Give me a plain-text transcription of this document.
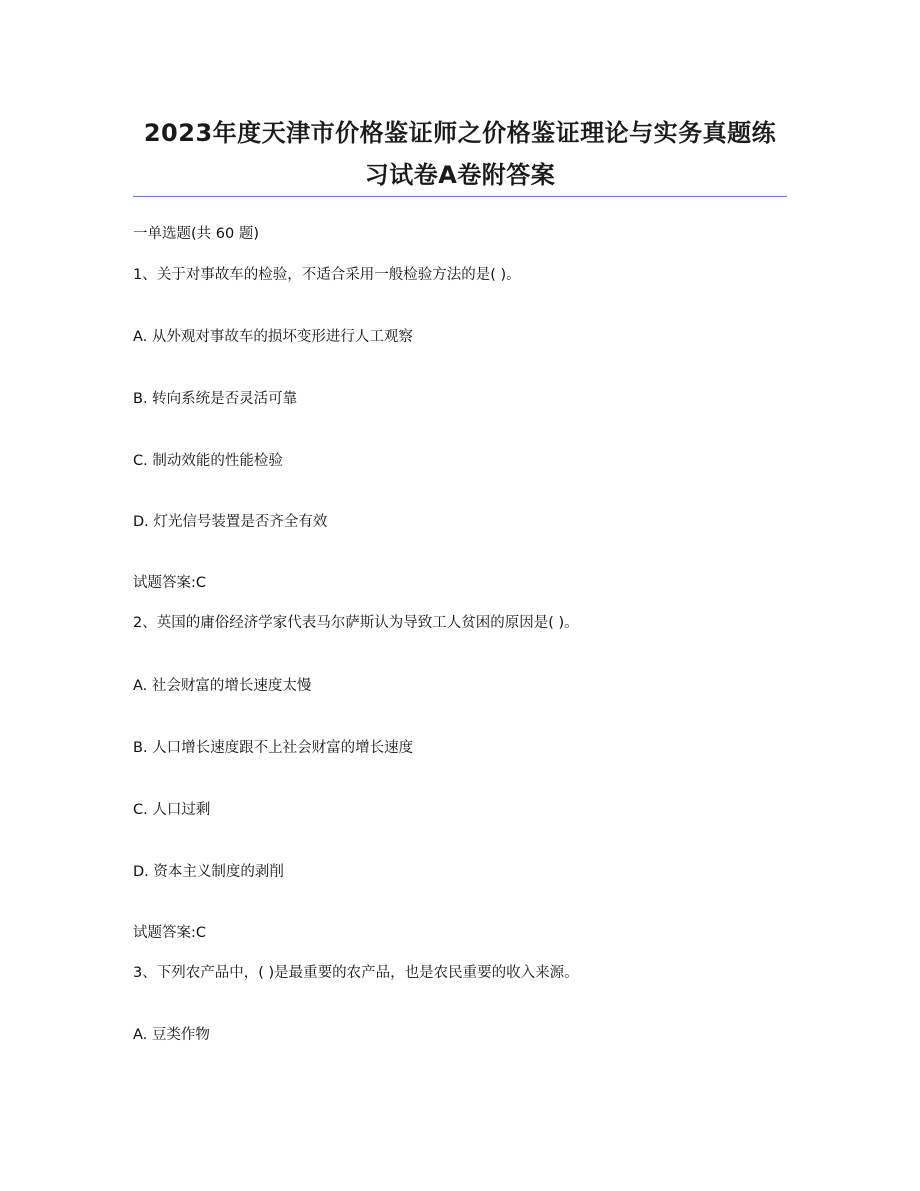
2023年度天津市价格鉴证师之价格鉴证理论与实务真题练
习试卷A卷附答案
一单选题(共 60 题)
1、关于对事故车的检验，不适合采用一般检验方法的是( )。
A. 从外观对事故车的损坏变形进行人工观察
B. 转向系统是否灵活可靠
C. 制动效能的性能检验
D. 灯光信号装置是否齐全有效
试题答案:C
2、英国的庸俗经济学家代表马尔萨斯认为导致工人贫困的原因是( )。
A. 社会财富的增长速度太慢
B. 人口增长速度跟不上社会财富的增长速度
C. 人口过剩
D. 资本主义制度的剥削
试题答案:C
3、下列农产品中，( )是最重要的农产品，也是农民重要的收入来源。
A. 豆类作物
